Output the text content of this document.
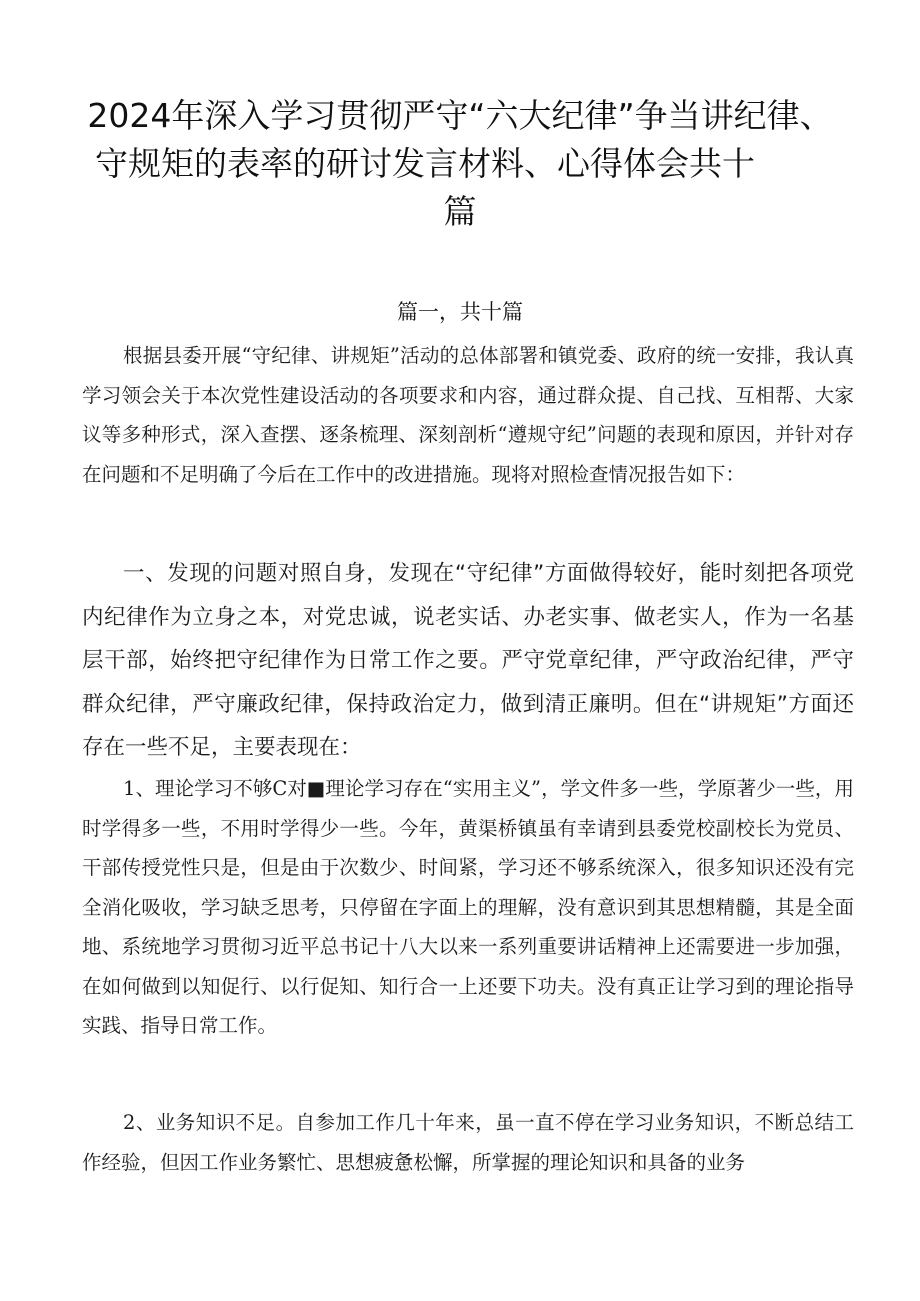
2024年深入学习贯彻严守“六大纪律”争当讲纪律、
守规矩的表率的研讨发言材料、心得体会共十
篇
篇一，共十篇
根据县委开展“守纪律、讲规矩”活动的总体部署和镇党委、政府的统一安排，我认真学习领会关于本次党性建设活动的各项要求和内容，通过群众提、自己找、互相帮、大家议等多种形式，深入查摆、逐条梳理、深刻剖析“遵规守纪”问题的表现和原因，并针对存在问题和不足明确了今后在工作中的改进措施。现将对照检查情况报告如下：
一、发现的问题对照自身，发现在“守纪律”方面做得较好，能时刻把各项党内纪律作为立身之本，对党忠诚，说老实话、办老实事、做老实人，作为一名基层干部，始终把守纪律作为日常工作之要。严守党章纪律，严守政治纪律，严守群众纪律，严守廉政纪律，保持政治定力，做到清正廉明。但在“讲规矩”方面还存在一些不足，主要表现在：
1、理论学习不够C对■理论学习存在“实用主义”，学文件多一些，学原著少一些，用时学得多一些，不用时学得少一些。今年，黄渠桥镇虽有幸请到县委党校副校长为党员、干部传授党性只是，但是由于次数少、时间紧，学习还不够系统深入，很多知识还没有完全消化吸收，学习缺乏思考，只停留在字面上的理解，没有意识到其思想精髓，其是全面地、系统地学习贯彻习近平总书记十八大以来一系列重要讲话精神上还需要进一步加强，在如何做到以知促行、以行促知、知行合一上还要下功夫。没有真正让学习到的理论指导实践、指导日常工作。
2、业务知识不足。自参加工作几十年来，虽一直不停在学习业务知识，不断总结工作经验，但因工作业务繁忙、思想疲惫松懈，所掌握的理论知识和具备的业务
